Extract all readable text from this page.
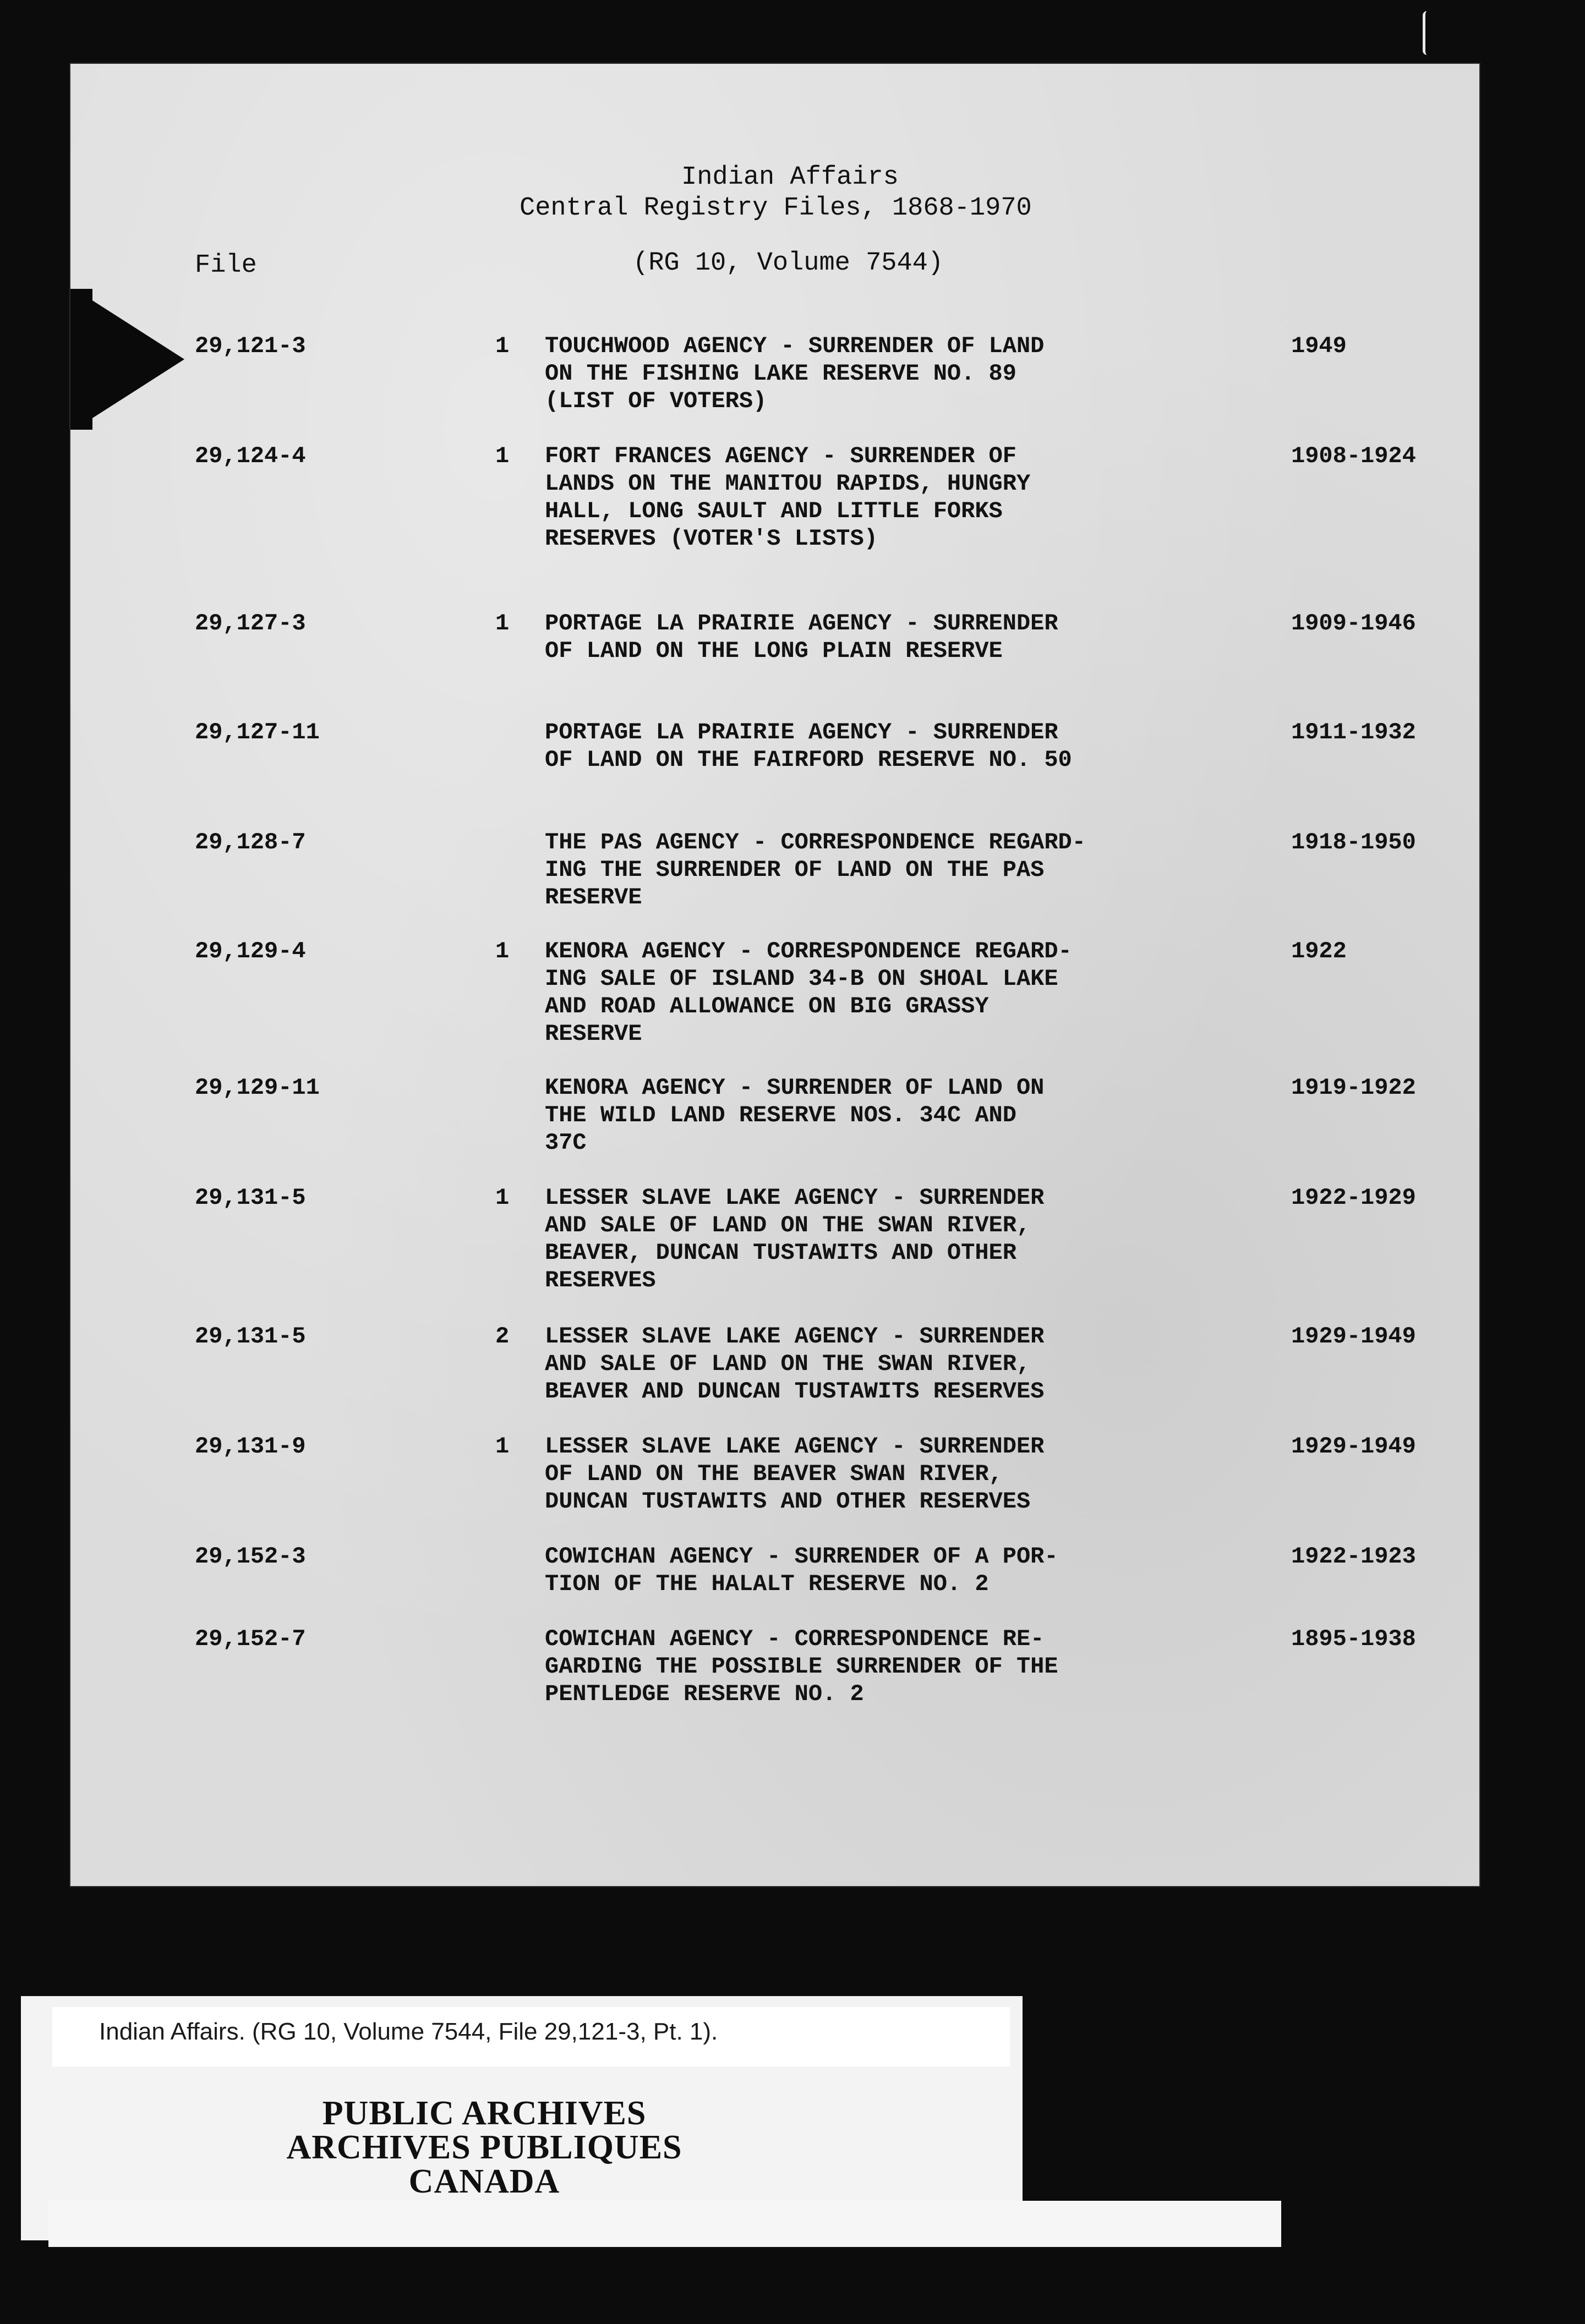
Indian Affairs
Central Registry Files, 1868-1970
(RG 10, Volume 7544)
File
29,121-3	1 TOUCHWOOD AGENCY - SURRENDER OF LAND
ON THE FISHING LAKE RESERVE NO. 89
(LIST OF VOTERS)
1949
29,124-4	1 FORT FRANCES AGENCY - SURRENDER OF
LANDS ON THE MANITOU RAPIDS, HUNGRY
HALL, LONG SAULT AND LITTLE FORKS
RESERVES (VOTER'S LISTS)
1908-1924
29,127-3	1 PORTAGE LA PRAIRIE AGENCY - SURRENDER
OF LAND ON THE LONG PLAIN RESERVE
1909-1946
29,127-11	PORTAGE LA PRAIRIE AGENCY - SURRENDER
OF LAND ON THE FAIRFORD RESERVE NO. 50
1911-1932
29,128-7	THE PAS AGENCY - CORRESPONDENCE REGARD-
ING THE SURRENDER OF LAND ON THE PAS
RESERVE
1918-1950
29,129-4	1 KENORA AGENCY - CORRESPONDENCE REGARD-
ING SALE OF ISLAND 34-B ON SHOAL LAKE
AND ROAD ALLOWANCE ON BIG GRASSY
RESERVE
1922
29,129-11	KENORA AGENCY - SURRENDER OF LAND ON
THE WILD LAND RESERVE NOS. 34C AND
37C
1919-1922
29,131-5	1 LESSER SLAVE LAKE AGENCY - SURRENDER
AND SALE OF LAND ON THE SWAN RIVER,
BEAVER, DUNCAN TUSTAWITS AND OTHER
RESERVES
1922-1929
29,131-5	2 LESSER SLAVE LAKE AGENCY - SURRENDER
AND SALE OF LAND ON THE SWAN RIVER,
BEAVER AND DUNCAN TUSTAWITS RESERVES
1929-1949
29,131-9	1 LESSER SLAVE LAKE AGENCY - SURRENDER
OF LAND ON THE BEAVER SWAN RIVER,
DUNCAN TUSTAWITS AND OTHER RESERVES
1929-1949
29,152-3	COWICHAN AGENCY - SURRENDER OF A POR-
TION OF THE HALALT RESERVE NO. 2
1922-1923
29,152-7	COWICHAN AGENCY - CORRESPONDENCE RE-
GARDING THE POSSIBLE SURRENDER OF THE
PENTLEDGE RESERVE NO. 2
1895-1938
Indian Affairs. (RG 10, Volume 7544, File 29,121-3, Pt. 1).
PUBLIC ARCHIVES
ARCHIVES PUBLIQUES
CANADA
